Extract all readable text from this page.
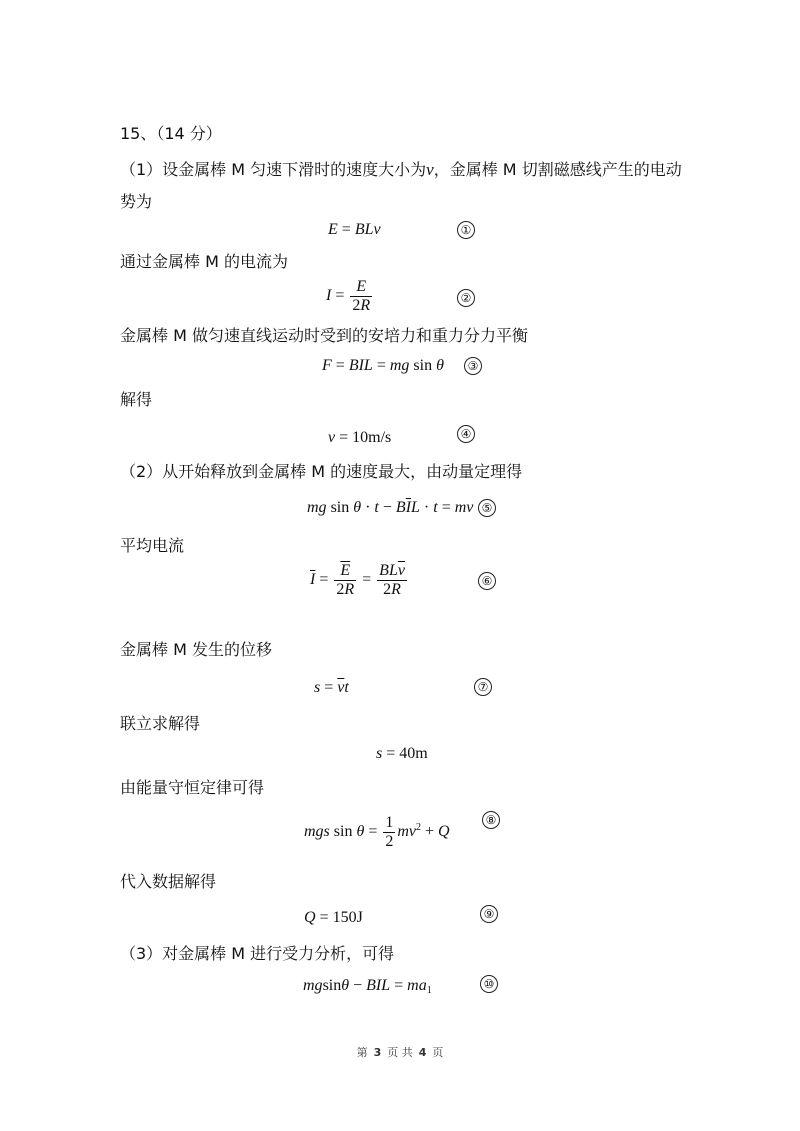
15、（14 分）
（1）设金属棒 M 匀速下滑时的速度大小为v，金属棒 M 切割磁感线产生的电动
势为
E = BLv	①
通过金属棒 M 的电流为
$I = \frac{E}{2R}$	②
金属棒 M 做匀速直线运动时受到的安培力和重力分力平衡
F = BIL = mg sin θ	③
解得
v = 10m/s	④
（2）从开始释放到金属棒 M 的速度最大，由动量定理得
mg $\sin \theta \cdot t - B\overline{I}L \cdot t$ = mv ⑤
平均电流
$\overline{I} = \frac{\overline{E}}{2R} = \frac{BL\overline{v}}{2R}$	⑥
金属棒 M 发生的位移
$s = \overline{v}t$	⑦
联立求解得
s = 40m
由能量守恒定律可得
mgs $\sin \theta = \frac{1}{2} mv^2 + Q$
⑧
代入数据解得
Q = 150J	⑨
（3）对金属棒 M 进行受力分析，可得
mgsinθ − BIL = $ma_1$	⑩
第 3 页 共 4 页
